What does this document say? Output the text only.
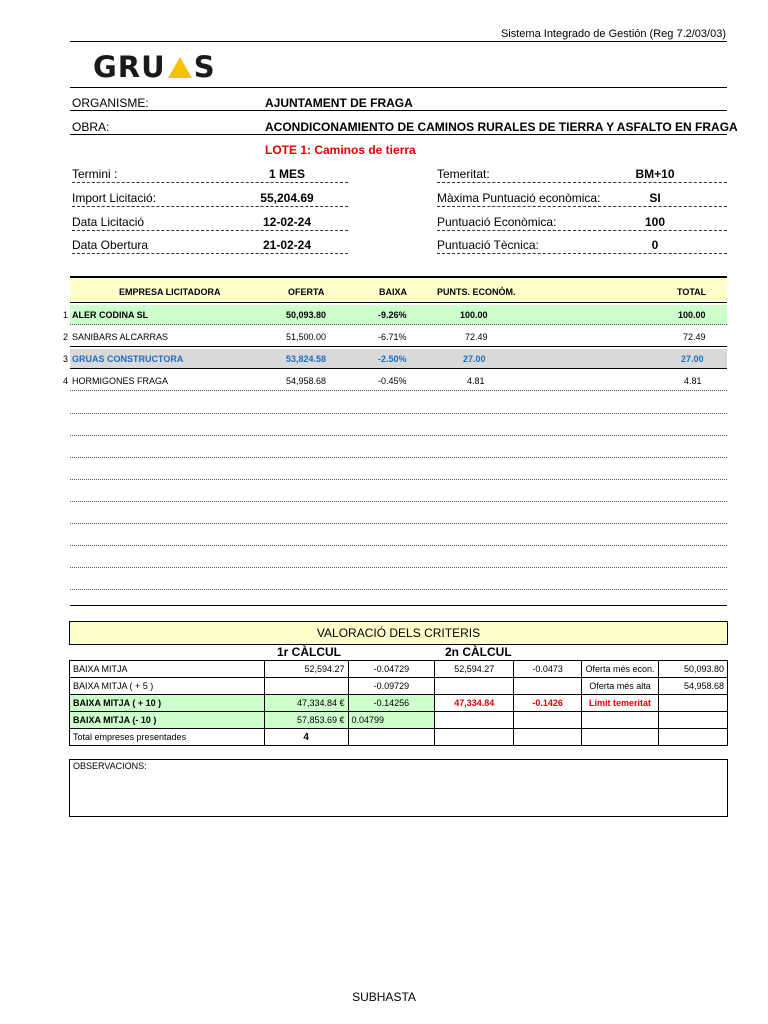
Sistema Integrado de Gestión (Reg 7.2/03/03)
GRU S
ORGANISME:	AJUNTAMENT DE FRAGA
OBRA:	ACONDICONAMIENTO DE CAMINOS RURALES DE TIERRA Y ASFALTO EN FRAGA
LOTE 1: Caminos de tierra
Termini :	1 MES
Import Licitació:	55,204.69
Data Licitació	12-02-24
Data Obertura	21-02-24
Temeritat:	BM+10
Màxima Puntuació econòmica:	SI
Puntuació Econòmica:	100
Puntuació Tècnica:	0
EMPRESA LICITADORA	OFERTA	BAIXA	PUNTS. ECONÒM.	TOTAL
1 ALER CODINA SL	50,093.80	-9.26%	100.00	100.00
2 SANIBARS ALCARRAS	51,500.00	-6.71%	72.49	72.49
3 GRUAS CONSTRUCTORA	53,824.58	-2.50%	27.00	27.00
4 HORMIGONES FRAGA	54,958.68	-0.45%	4.81	4.81
VALORACIÓ DELS CRITERIS
1r CÀLCUL	2n CÀLCUL
BAIXA MITJA	52,594.27	-0.04729	52,594.27	-0.0473	Oferta més econ.	50,093.80
BAIXA MITJA ( + 5 )		-0.09729			Oferta més alta	54,958.68
BAIXA MITJA ( + 10 )	47,334.84 €	-0.14256	47,334.84	-0.1426	Límit temeritat	
BAIXA MITJA (- 10 )	57,853.69 €	0.04799				
Total empreses presentades	4					
OBSERVACIONS:
SUBHASTA
